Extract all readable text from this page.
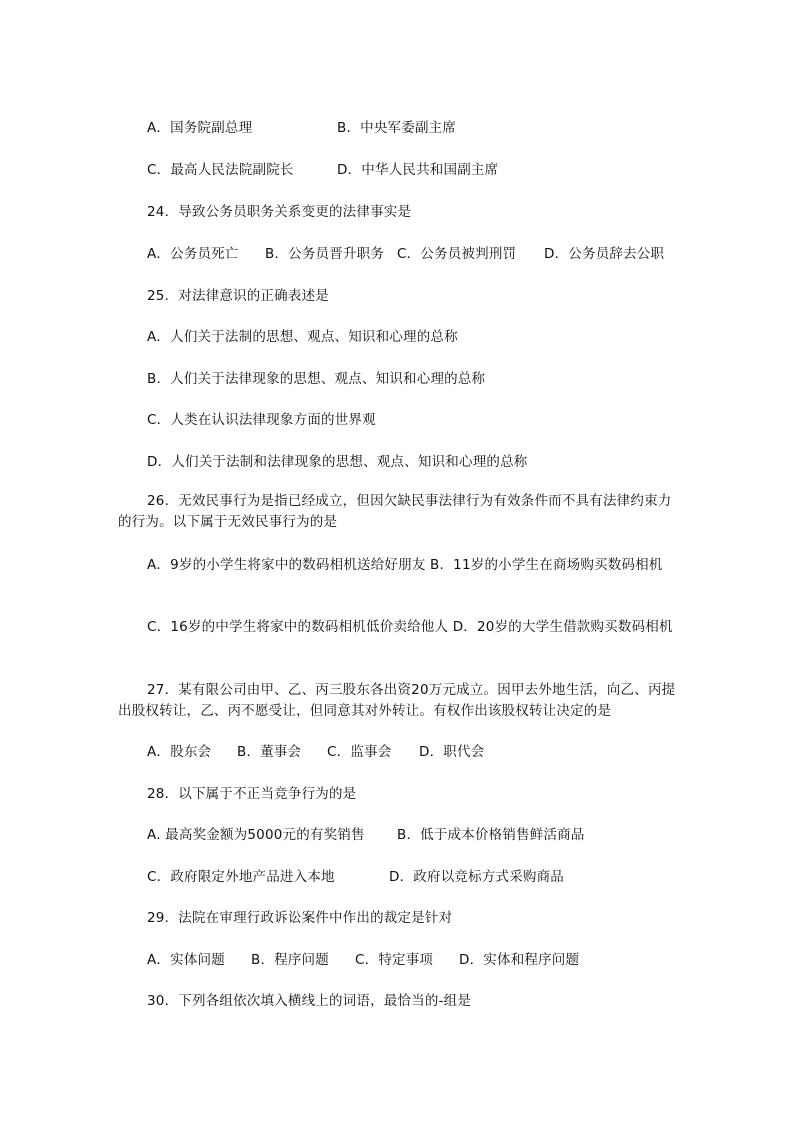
A．国务院副总理	B．中央军委副主席
C．最高人民法院副院长	D．中华人民共和国副主席
24．导致公务员职务关系变更的法律事实是
A．公务员死亡 B．公务员晋升职务 C．公务员被判刑罚 D．公务员辞去公职
25．对法律意识的正确表述是
A．人们关于法制的思想、观点、知识和心理的总称
B．人们关于法律现象的思想、观点、知识和心理的总称
C．人类在认识法律现象方面的世界观
D．人们关于法制和法律现象的思想、观点、知识和心理的总称
26．无效民事行为是指已经成立，但因欠缺民事法律行为有效条件而不具有法律约束力的行为。以下属于无效民事行为的是
A．9岁的小学生将家中的数码相机送给好朋友 B．11岁的小学生在商场购买数码相机
C．16岁的中学生将家中的数码相机低价卖给他人 D．20岁的大学生借款购买数码相机
27．某有限公司由甲、乙、丙三股东各出资20万元成立。因甲去外地生活，向乙、丙提出股权转让，乙、丙不愿受让，但同意其对外转让。有权作出该股权转让决定的是
A．股东会 B．董事会 C．监事会 D．职代会
28．以下属于不正当竞争行为的是
A. 最高奖金额为5000元的有奖销售 B．低于成本价格销售鲜活商品
C．政府限定外地产品进入本地	D．政府以竞标方式采购商品
29．法院在审理行政诉讼案件中作出的裁定是针对
A．实体问题 B．程序问题 C．特定事项 D．实体和程序问题
30．下列各组依次填入横线上的词语，最恰当的-组是
